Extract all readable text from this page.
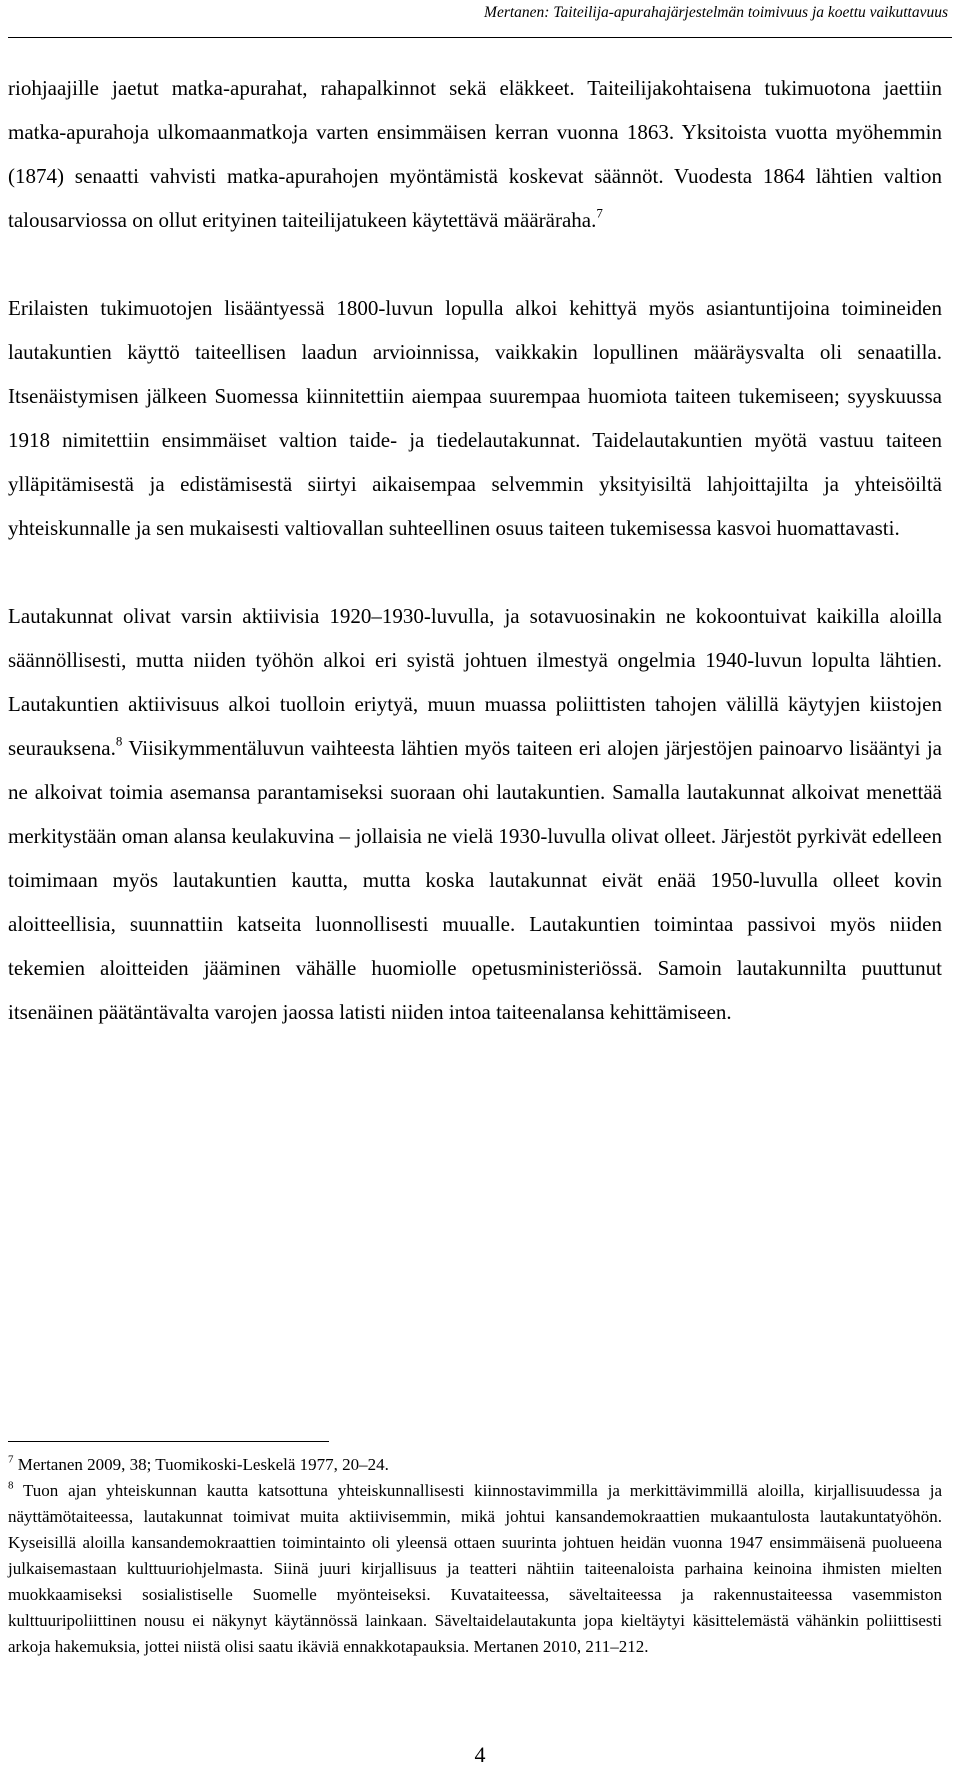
Mertanen: Taiteilija-apurahajärjestelmän toimivuus ja koettu vaikuttavuus

riohjaajille jaetut matka-apurahat, rahapalkinnot sekä eläkkeet. Taiteilijakohtaisena tukimuotona jaettiin matka-apurahoja ulkomaanmatkoja varten ensimmäisen kerran vuonna 1863. Yksitoista vuotta myöhemmin (1874) senaatti vahvisti matka-apurahojen myöntämistä koskevat säännöt. Vuodesta 1864 lähtien valtion talousarviossa on ollut erityinen taiteilijatukeen käytettävä määräraha.$^7$

Erilaisten tukimuotojen lisääntyessä 1800-luvun lopulla alkoi kehittyä myös asiantuntijoina toimineiden lautakuntien käyttö taiteellisen laadun arvioinnissa, vaikkakin lopullinen määräysvalta oli senaatilla. Itsenäistymisen jälkeen Suomessa kiinnitettiin aiempaa suurempaa huomiota taiteen tukemiseen; syyskuussa 1918 nimitettiin ensimmäiset valtion taide- ja tiedelautakunnat. Taidelautakuntien myötä vastuu taiteen ylläpitämisestä ja edistämisestä siirtyi aikaisempaa selvemmin yksityisiltä lahjoittajilta ja yhteisöiltä yhteiskunnalle ja sen mukaisesti valtiovallan suhteellinen osuus taiteen tukemisessa kasvoi huomattavasti.

Lautakunnat olivat varsin aktiivisia 1920–1930-luvulla, ja sotavuosinakin ne kokoontuivat kaikilla aloilla säännöllisesti, mutta niiden työhön alkoi eri syistä johtuen ilmestyä ongelmia 1940-luvun lopulta lähtien. Lautakuntien aktiivisuus alkoi tuolloin eriytyä, muun muassa poliittisten tahojen välillä käytyjen kiistojen seurauksena.$^8$ Viisikymmentäluvun vaihteesta lähtien myös taiteen eri alojen järjestöjen painoarvo lisääntyi ja ne alkoivat toimia asemansa parantamiseksi suoraan ohi lautakuntien. Samalla lautakunnat alkoivat menettää merkitystään oman alansa keulakuvina – jollaisia ne vielä 1930-luvulla olivat olleet. Järjestöt pyrkivät edelleen toimimaan myös lautakuntien kautta, mutta koska lautakunnat eivät enää 1950-luvulla olleet kovin aloitteellisia, suunnattiin katseita luonnollisesti muualle. Lautakuntien toimintaa passivoi myös niiden tekemien aloitteiden jääminen vähälle huomiolle opetusministeriössä. Samoin lautakunnilta puuttunut itsenäinen päätäntävalta varojen jaossa latisti niiden intoa taiteenalansa kehittämiseen.

$^7$ Mertanen 2009, 38; Tuomikoski-Leskelä 1977, 20–24.

$^8$ Tuon ajan yhteiskunnan kautta katsottuna yhteiskunnallisesti kiinnostavimmilla ja merkittävimmillä aloilla, kirjallisuudessa ja näyttämötaiteessa, lautakunnat toimivat muita aktiivisemmin, mikä johtui kansandemokraattien mukaantulosta lautakuntatyöhön. Kyseisillä aloilla kansandemokraattien toimintainto oli yleensä ottaen suurinta johtuen heidän vuonna 1947 ensimmäisenä puolueena julkaisemastaan kulttuuriohjelmasta. Siinä juuri kirjallisuus ja teatteri nähtiin taiteenaloista parhaina keinoina ihmisten mielten muokkaamiseksi sosialistiselle Suomelle myönteiseksi. Kuvataiteessa, säveltaiteessa ja rakennustaiteessa vasemmiston kulttuuripoliittinen nousu ei näkynyt käytännössä lainkaan. Säveltaidelautakunta jopa kieltäytyi käsittelemästä vähänkin poliittisesti arkoja hakemuksia, jottei niistä olisi saatu ikäviä ennakkotapauksia. Mertanen 2010, 211–212.

4
